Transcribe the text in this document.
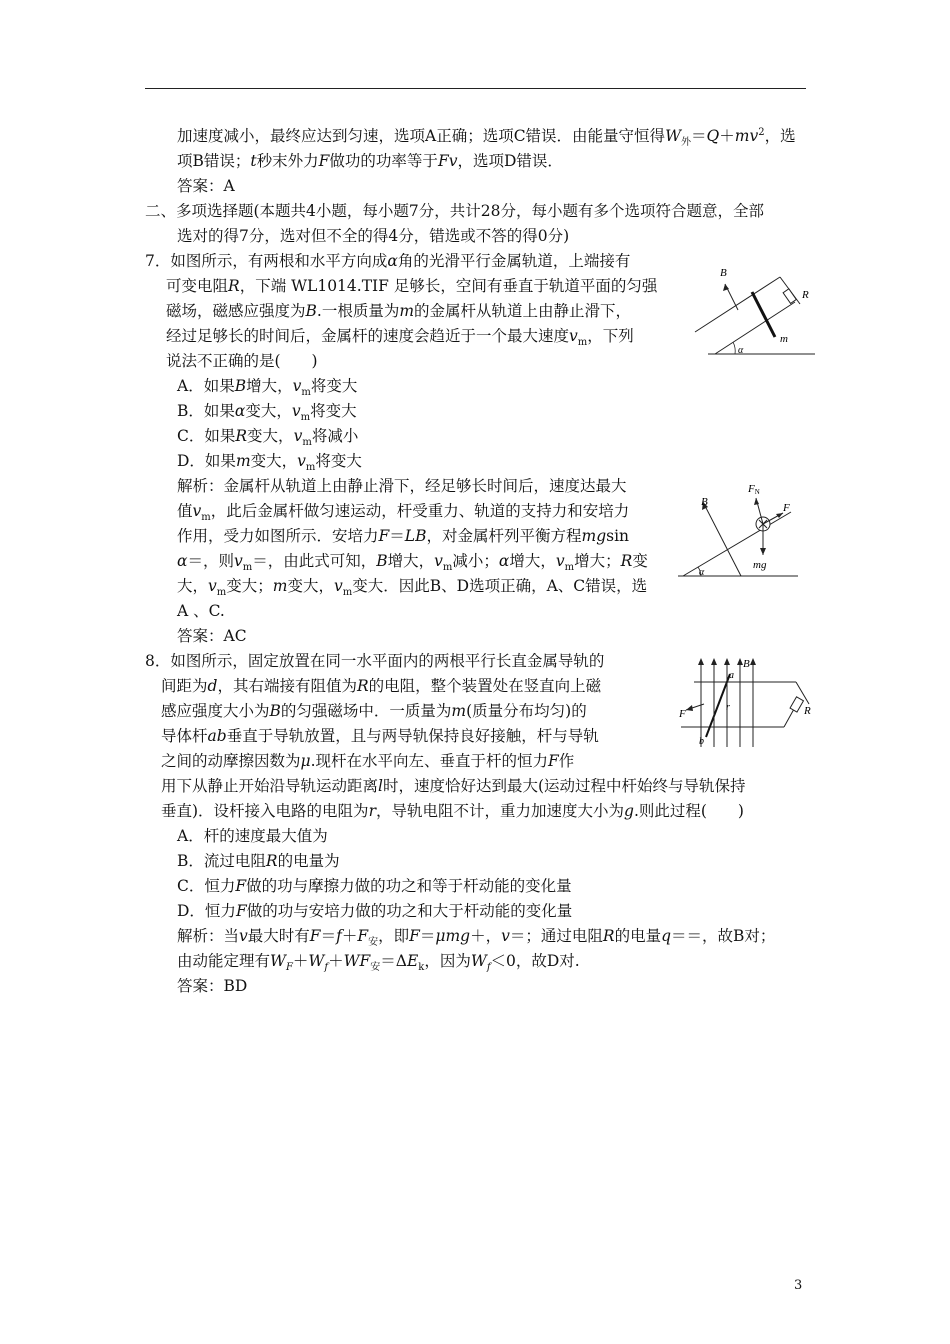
加速度减小，最终应达到匀速，选项A正确；选项C错误．由能量守恒得$W_外=Q+mv^2$，选
项B错误；t秒末外力F做功的功率等于Fv，选项D错误．
答案：A
二、多项选择题(本题共4小题，每小题7分，共计28分，每小题有多个选项符合题意，全部
选对的得7分，选对但不全的得4分，错选或不答的得0分)
7．如图所示，有两根和水平方向成α角的光滑平行金属轨道，上端接有
可变电阻R，下端 WL1014.TIF 足够长，空间有垂直于轨道平面的匀强
磁场，磁感应强度为B.一根质量为m的金属杆从轨道上由静止滑下，
经过足够长的时间后，金属杆的速度会趋近于一个最大速度$v_m$，下列
说法不正确的是(　　)
A．如果B增大，$v_m$将变大
B．如果α变大，$v_m$将变大
C．如果R变大，$v_m$将减小
D．如果m变大，$v_m$将变大
解析：金属杆从轨道上由静止滑下，经足够长时间后，速度达最大
值$v_m$，此后金属杆做匀速运动，杆受重力、轨道的支持力和安培力
作用，受力如图所示．安培力F＝LB，对金属杆列平衡方程mgsin
α＝，则$v_m=$，由此式可知，B增大，$v_m$减小；α增大，$v_m$增大；R变
大，$v_m$变大；m变大，$v_m$变大．因此B、D选项正确，A、C错误，选
A 、C.
答案：AC
8．如图所示，固定放置在同一水平面内的两根平行长直金属导轨的
间距为d，其右端接有阻值为R的电阻，整个装置处在竖直向上磁
感应强度大小为B的匀强磁场中．一质量为m(质量分布均匀)的
导体杆ab垂直于导轨放置，且与两导轨保持良好接触，杆与导轨
之间的动摩擦因数为μ.现杆在水平向左、垂直于杆的恒力F作
用下从静止开始沿导轨运动距离l时，速度恰好达到最大(运动过程中杆始终与导轨保持
垂直)．设杆接入电路的电阻为r，导轨电阻不计，重力加速度大小为g.则此过程(　　)
A．杆的速度最大值为
B．流过电阻R的电量为
C．恒力F做的功与摩擦力做的功之和等于杆动能的变化量
D．恒力F做的功与安培力做的功之和大于杆动能的变化量
解析：当v最大时有$F=f+F_安$，即F＝μmg＋，v＝；通过电阻R的电量q＝＝，故B对；
由动能定理有$W_F+W_f+WF_安=\Delta E_k$，因为$W_f<0$，故D对.
答案：BD
B
R
m
α
B
FN
F
mg
α
B
a
b
r
F	R
3
